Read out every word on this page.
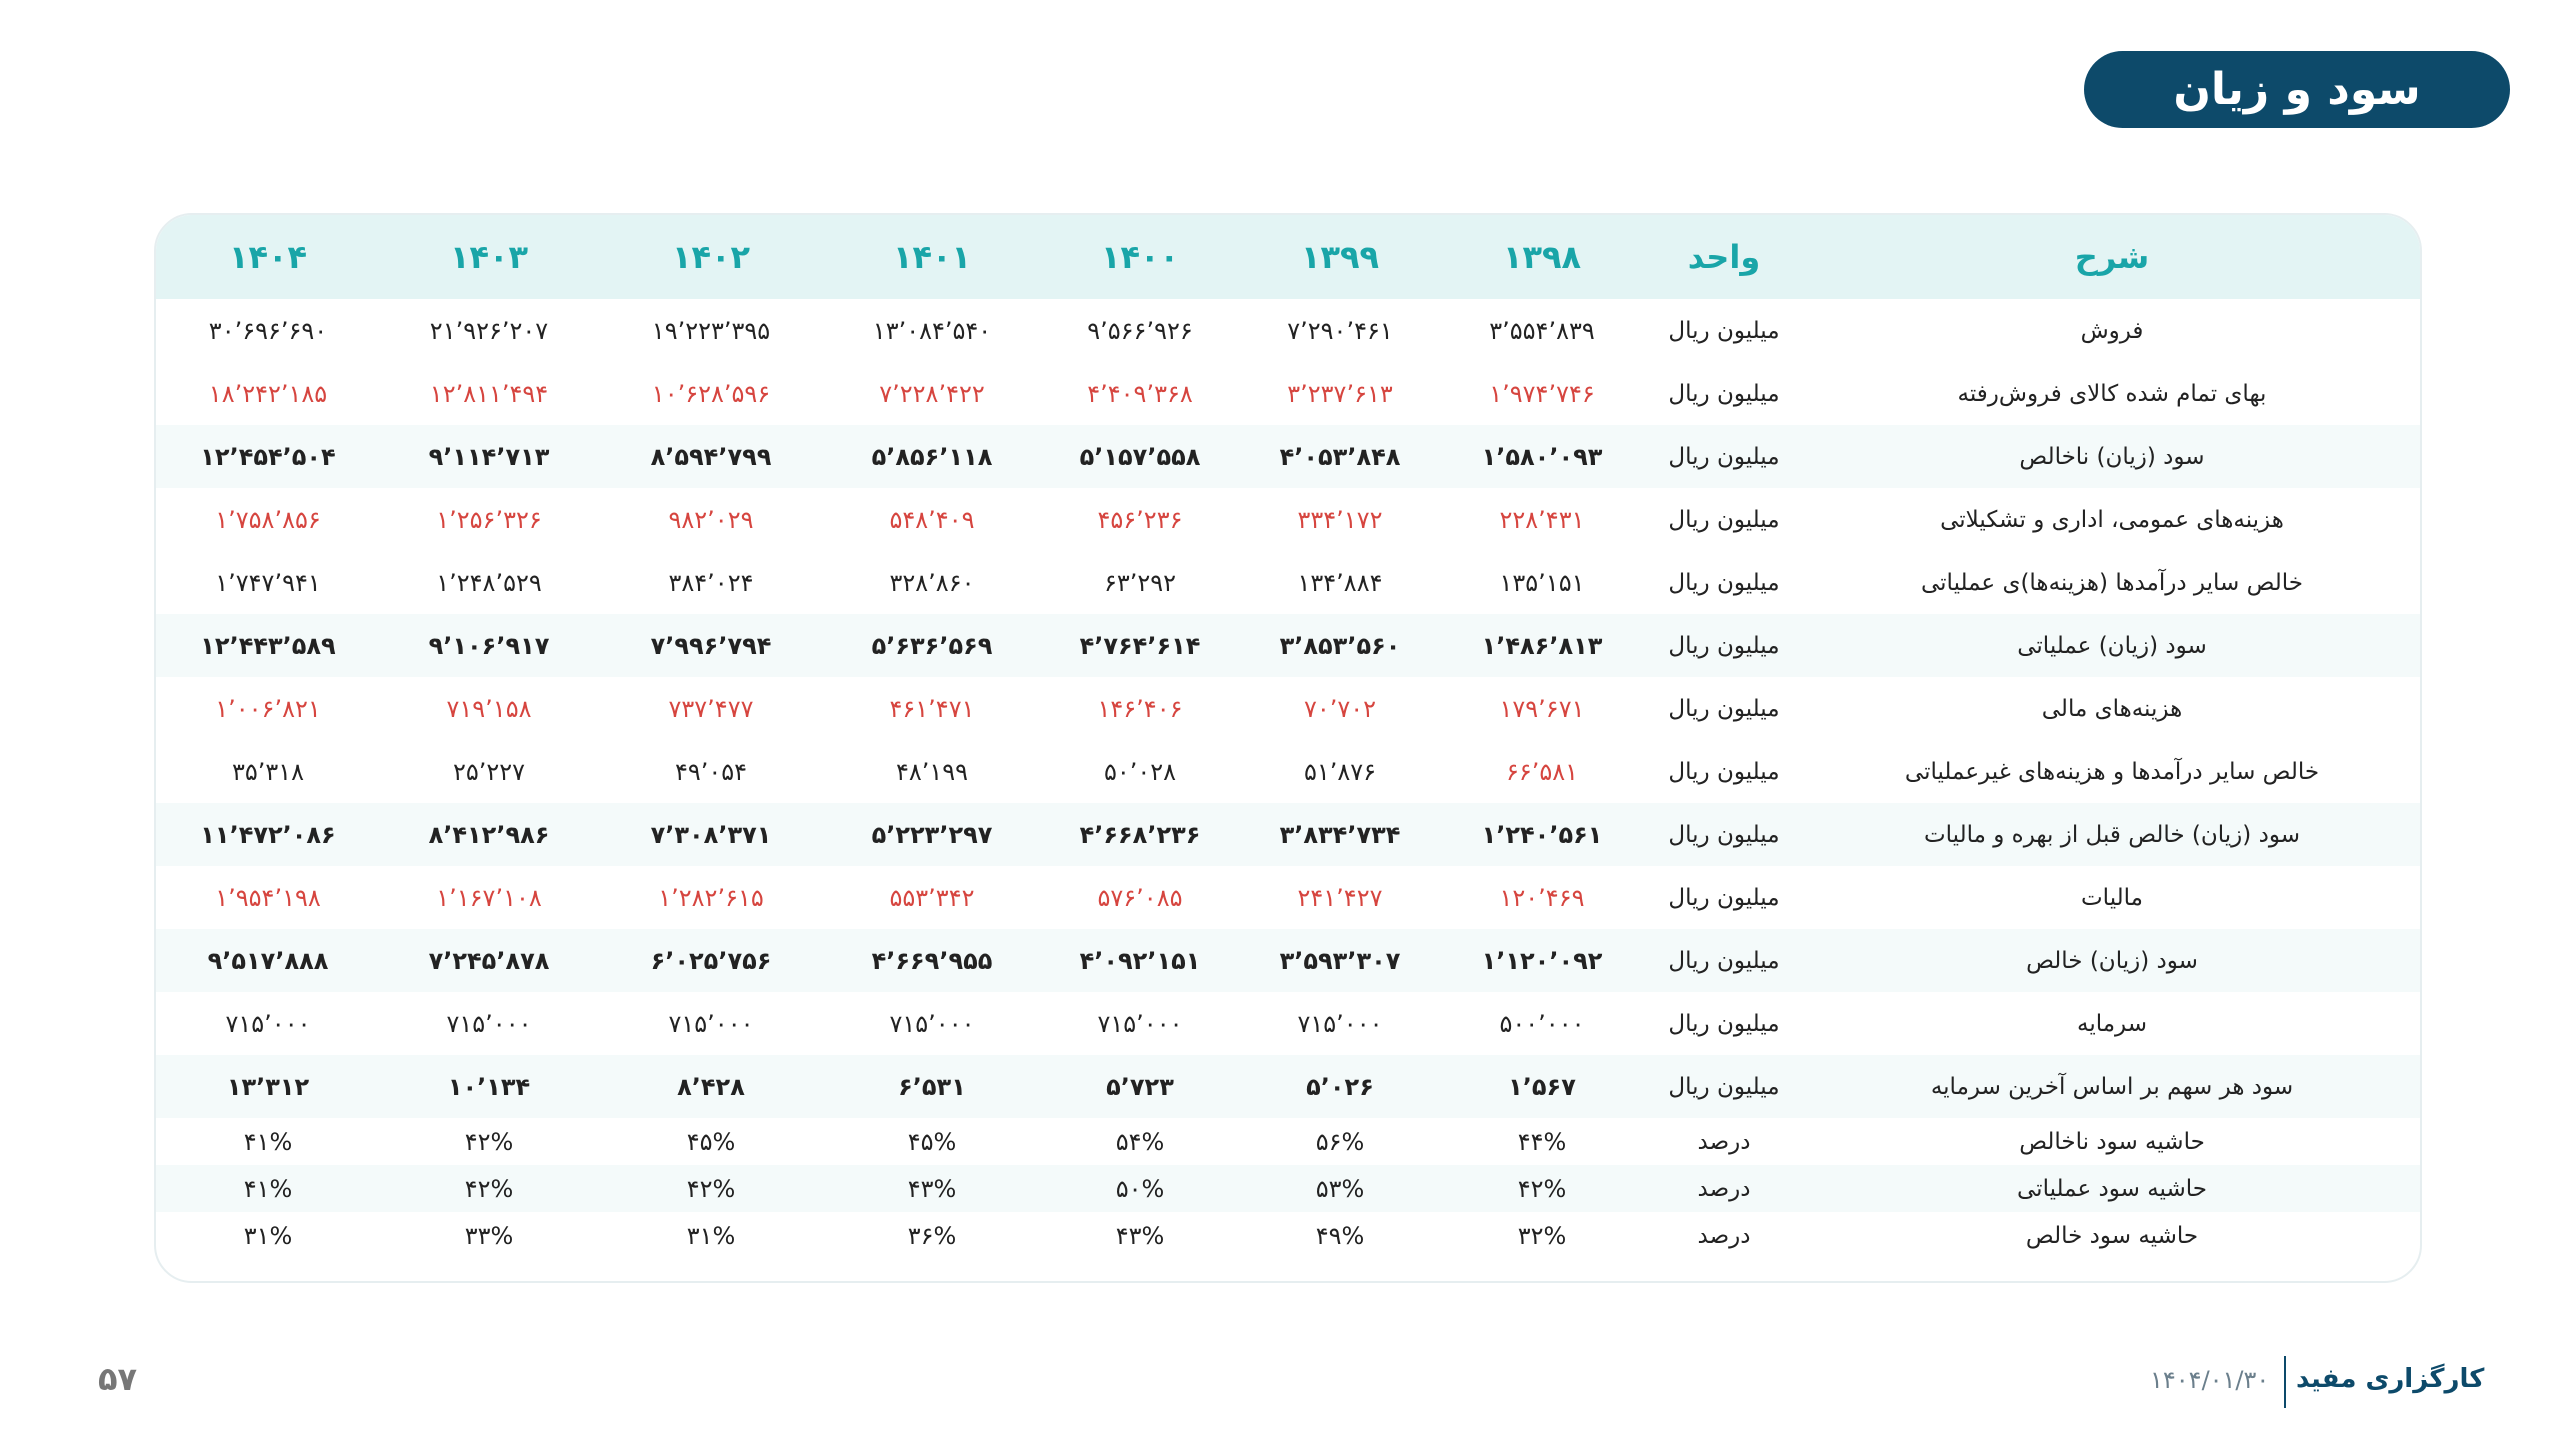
سود و زیان
۱۴۰۴	۱۴۰۳	۱۴۰۲	۱۴۰۱	۱۴۰۰	۱۳۹۹	۱۳۹۸	واحد	شرح
۳۰٬۶۹۶٬۶۹۰	۲۱٬۹۲۶٬۲۰۷	۱۹٬۲۲۳٬۳۹۵	۱۳٬۰۸۴٬۵۴۰	۹٬۵۶۶٬۹۲۶	۷٬۲۹۰٬۴۶۱	۳٬۵۵۴٬۸۳۹	میلیون ریال	فروش
۱۸٬۲۴۲٬۱۸۵	۱۲٬۸۱۱٬۴۹۴	۱۰٬۶۲۸٬۵۹۶	۷٬۲۲۸٬۴۲۲	۴٬۴۰۹٬۳۶۸	۳٬۲۳۷٬۶۱۳	۱٬۹۷۴٬۷۴۶	میلیون ریال	بهای تمام شده کالای فروش‌رفته
۱۲٬۴۵۴٬۵۰۴	۹٬۱۱۴٬۷۱۳	۸٬۵۹۴٬۷۹۹	۵٬۸۵۶٬۱۱۸	۵٬۱۵۷٬۵۵۸	۴٬۰۵۳٬۸۴۸	۱٬۵۸۰٬۰۹۳	میلیون ریال	سود (زیان) ناخالص
۱٬۷۵۸٬۸۵۶	۱٬۲۵۶٬۳۲۶	۹۸۲٬۰۲۹	۵۴۸٬۴۰۹	۴۵۶٬۲۳۶	۳۳۴٬۱۷۲	۲۲۸٬۴۳۱	میلیون ریال	هزینه‌های عمومی، اداری و تشکیلاتی
۱٬۷۴۷٬۹۴۱	۱٬۲۴۸٬۵۲۹	۳۸۴٬۰۲۴	۳۲۸٬۸۶۰	۶۳٬۲۹۲	۱۳۴٬۸۸۴	۱۳۵٬۱۵۱	میلیون ریال	خالص سایر درآمدها (هزینه‌ها)ی عملیاتی
۱۲٬۴۴۳٬۵۸۹	۹٬۱۰۶٬۹۱۷	۷٬۹۹۶٬۷۹۴	۵٬۶۳۶٬۵۶۹	۴٬۷۶۴٬۶۱۴	۳٬۸۵۳٬۵۶۰	۱٬۴۸۶٬۸۱۳	میلیون ریال	سود (زیان) عملیاتی
۱٬۰۰۶٬۸۲۱	۷۱۹٬۱۵۸	۷۳۷٬۴۷۷	۴۶۱٬۴۷۱	۱۴۶٬۴۰۶	۷۰٬۷۰۲	۱۷۹٬۶۷۱	میلیون ریال	هزینه‌های مالی
۳۵٬۳۱۸	۲۵٬۲۲۷	۴۹٬۰۵۴	۴۸٬۱۹۹	۵۰٬۰۲۸	۵۱٬۸۷۶	۶۶٬۵۸۱	میلیون ریال	خالص سایر درآمدها و هزینه‌های غیرعملیاتی
۱۱٬۴۷۲٬۰۸۶	۸٬۴۱۲٬۹۸۶	۷٬۳۰۸٬۳۷۱	۵٬۲۲۳٬۲۹۷	۴٬۶۶۸٬۲۳۶	۳٬۸۳۴٬۷۳۴	۱٬۲۴۰٬۵۶۱	میلیون ریال	سود (زیان) خالص قبل از بهره و مالیات
۱٬۹۵۴٬۱۹۸	۱٬۱۶۷٬۱۰۸	۱٬۲۸۲٬۶۱۵	۵۵۳٬۳۴۲	۵۷۶٬۰۸۵	۲۴۱٬۴۲۷	۱۲۰٬۴۶۹	میلیون ریال	مالیات
۹٬۵۱۷٬۸۸۸	۷٬۲۴۵٬۸۷۸	۶٬۰۲۵٬۷۵۶	۴٬۶۶۹٬۹۵۵	۴٬۰۹۲٬۱۵۱	۳٬۵۹۳٬۳۰۷	۱٬۱۲۰٬۰۹۲	میلیون ریال	سود (زیان) خالص
۷۱۵٬۰۰۰	۷۱۵٬۰۰۰	۷۱۵٬۰۰۰	۷۱۵٬۰۰۰	۷۱۵٬۰۰۰	۷۱۵٬۰۰۰	۵۰۰٬۰۰۰	میلیون ریال	سرمایه
۱۳٬۳۱۲	۱۰٬۱۳۴	۸٬۴۲۸	۶٬۵۳۱	۵٬۷۲۳	۵٬۰۲۶	۱٬۵۶۷	میلیون ریال	سود هر سهم بر اساس آخرین سرمایه
۴۱%	۴۲%	۴۵%	۴۵%	۵۴%	۵۶%	۴۴%	درصد	حاشیه سود ناخالص
۴۱%	۴۲%	۴۲%	۴۳%	۵۰%	۵۳%	۴۲%	درصد	حاشیه سود عملیاتی
۳۱%	۳۳%	۳۱%	۳۶%	۴۳%	۴۹%	۳۲%	درصد	حاشیه سود خالص
۵۷	۱۴۰۴/۰۱/۳۰ کارگزاری مفید
